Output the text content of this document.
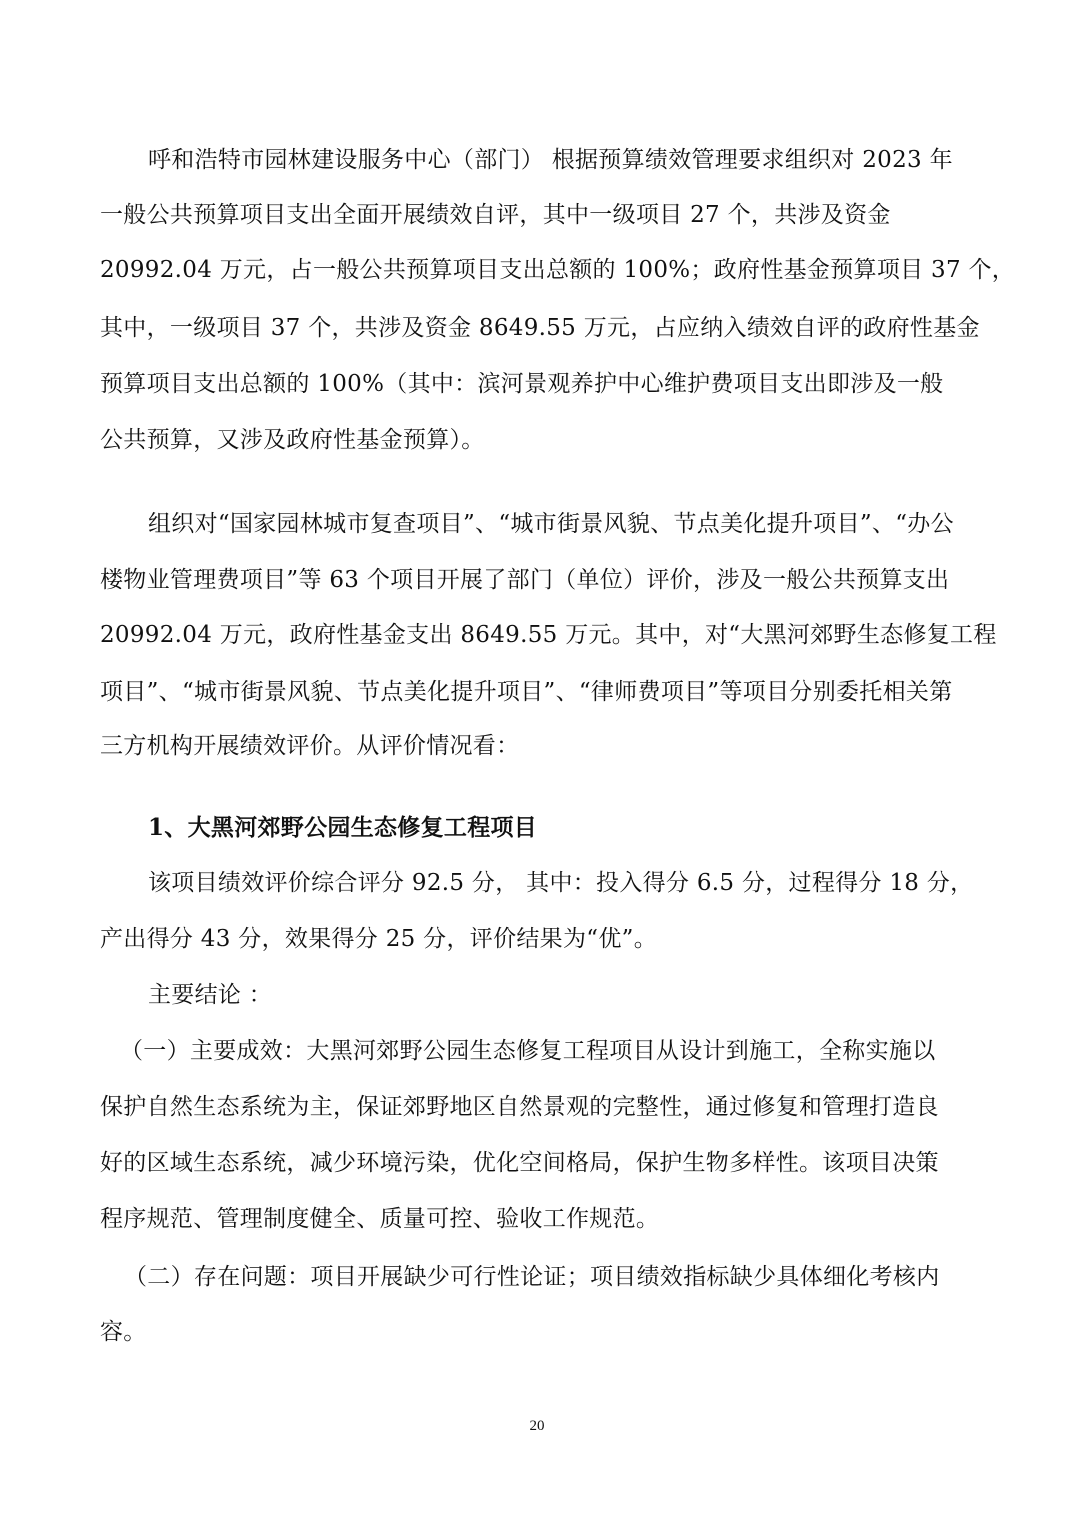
呼和浩特市园林建设服务中心（部门） 根据预算绩效管理要求组织对 2023 年
一般公共预算项目支出全面开展绩效自评，其中一级项目 27 个，共涉及资金
20992.04 万元，占一般公共预算项目支出总额的 100%；政府性基金预算项目 37 个，
其中，一级项目 37 个，共涉及资金 8649.55 万元，占应纳入绩效自评的政府性基金
预算项目支出总额的 100%（其中：滨河景观养护中心维护费项目支出即涉及一般
公共预算，又涉及政府性基金预算）。
组织对“国家园林城市复查项目”、“城市街景风貌、节点美化提升项目”、“办公
楼物业管理费项目”等 63 个项目开展了部门（单位）评价，涉及一般公共预算支出
20992.04 万元，政府性基金支出 8649.55 万元。其中，对“大黑河郊野生态修复工程
项目”、“城市街景风貌、节点美化提升项目”、“律师费项目”等项目分别委托相关第
三方机构开展绩效评价。从评价情况看：
1、大黑河郊野公园生态修复工程项目
该项目绩效评价综合评分 92.5 分， 其中：投入得分 6.5 分，过程得分 18 分，
产出得分 43 分，效果得分 25 分，评价结果为“优”。
主要结论 ：
（一）主要成效：大黑河郊野公园生态修复工程项目从设计到施工，全称实施以
保护自然生态系统为主，保证郊野地区自然景观的完整性，通过修复和管理打造良
好的区域生态系统，减少环境污染，优化空间格局，保护生物多样性。该项目决策
程序规范、管理制度健全、质量可控、验收工作规范。
（二）存在问题：项目开展缺少可行性论证；项目绩效指标缺少具体细化考核内
容。
20
